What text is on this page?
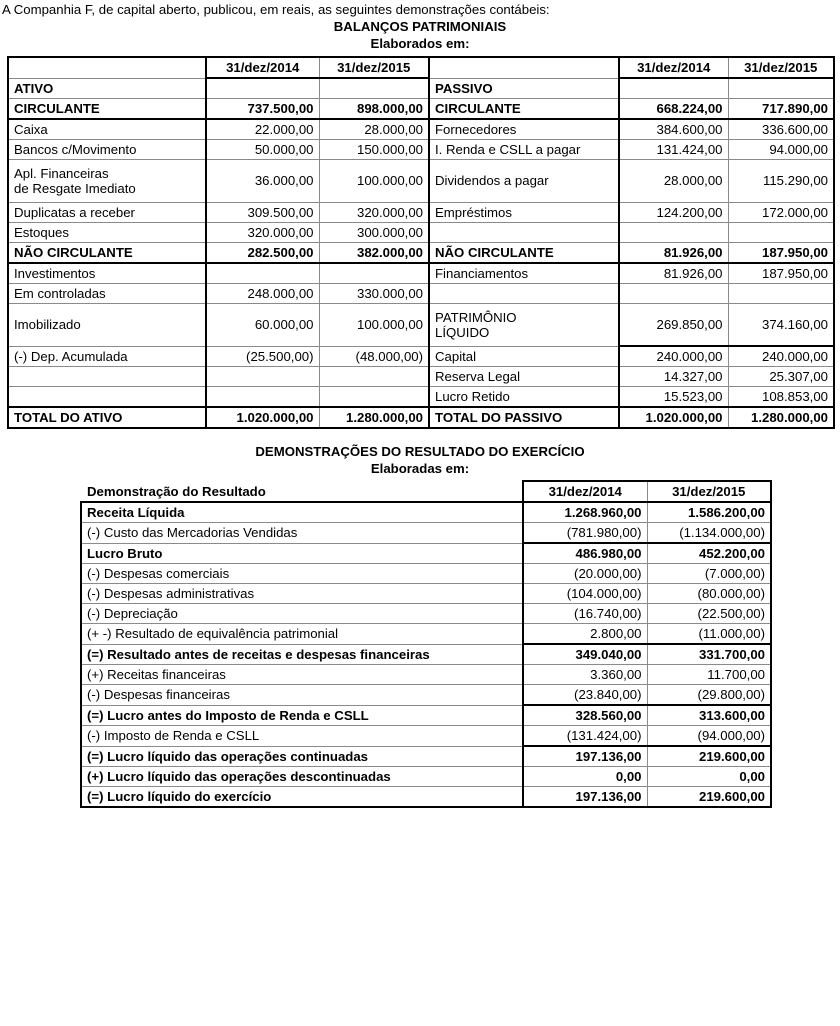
A Companhia F, de capital aberto, publicou, em reais, as seguintes demonstrações contábeis:
BALANÇOS PATRIMONIAIS
Elaborados em:
	31/dez/2014	31/dez/2015		31/dez/2014	31/dez/2015
ATIVO			PASSIVO		
CIRCULANTE	737.500,00	898.000,00	CIRCULANTE	668.224,00	717.890,00
Caixa	22.000,00	28.000,00	Fornecedores	384.600,00	336.600,00
Bancos c/Movimento	50.000,00	150.000,00	I. Renda e CSLL a pagar	131.424,00	94.000,00
Apl. Financeiras
de Resgate Imediato	36.000,00	100.000,00	Dividendos a pagar	28.000,00	115.290,00
Duplicatas a receber	309.500,00	320.000,00	Empréstimos	124.200,00	172.000,00
Estoques	320.000,00	300.000,00			
NÃO CIRCULANTE	282.500,00	382.000,00	NÃO CIRCULANTE	81.926,00	187.950,00
Investimentos			Financiamentos	81.926,00	187.950,00
Em controladas	248.000,00	330.000,00			
Imobilizado	60.000,00	100.000,00	PATRIMÔNIO
LÍQUIDO	269.850,00	374.160,00
(-) Dep. Acumulada	(25.500,00)	(48.000,00)	Capital	240.000,00	240.000,00
			Reserva Legal	14.327,00	25.307,00
			Lucro Retido	15.523,00	108.853,00
TOTAL DO ATIVO	1.020.000,00	1.280.000,00	TOTAL DO PASSIVO	1.020.000,00	1.280.000,00
DEMONSTRAÇÕES DO RESULTADO DO EXERCÍCIO
Elaboradas em:
Demonstração do Resultado	31/dez/2014	31/dez/2015
Receita Líquida	1.268.960,00	1.586.200,00
(-) Custo das Mercadorias Vendidas	(781.980,00)	(1.134.000,00)
Lucro Bruto	486.980,00	452.200,00
(-) Despesas comerciais	(20.000,00)	(7.000,00)
(-) Despesas administrativas	(104.000,00)	(80.000,00)
(-) Depreciação	(16.740,00)	(22.500,00)
(+ -) Resultado de equivalência patrimonial	2.800,00	(11.000,00)
(=) Resultado antes de receitas e despesas financeiras	349.040,00	331.700,00
(+) Receitas financeiras	3.360,00	11.700,00
(-) Despesas financeiras	(23.840,00)	(29.800,00)
(=) Lucro antes do Imposto de Renda e CSLL	328.560,00	313.600,00
(-) Imposto de Renda e CSLL	(131.424,00)	(94.000,00)
(=) Lucro líquido das operações continuadas	197.136,00	219.600,00
(+) Lucro líquido das operações descontinuadas	0,00	0,00
(=) Lucro líquido do exercício	197.136,00	219.600,00
